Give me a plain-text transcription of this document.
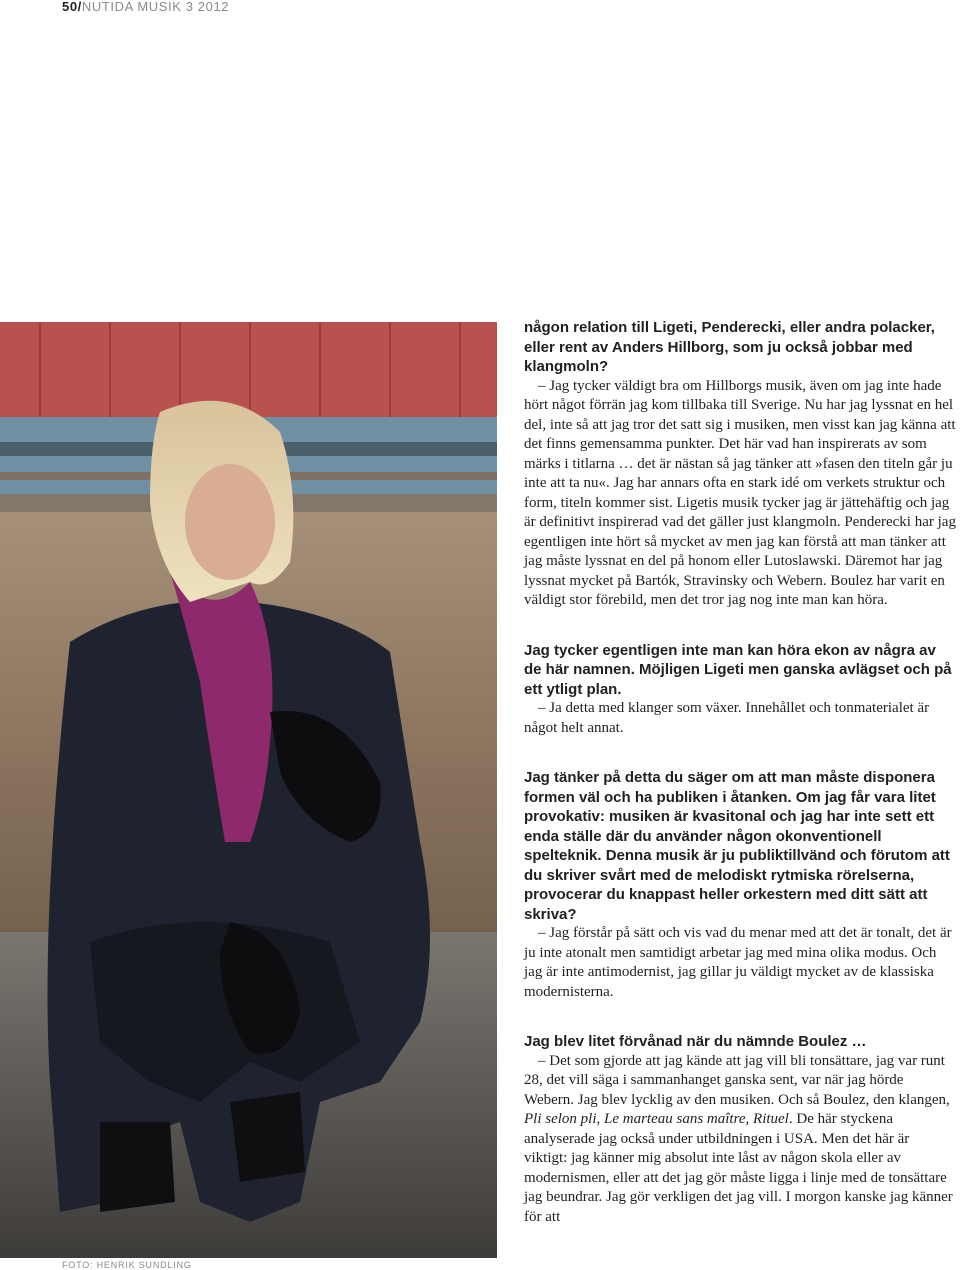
50/NUTIDA MUSIK 3 2012
FOTO: HENRIK SUNDLING

någon relation till Ligeti, Penderecki, eller andra polacker, eller rent av Anders Hillborg, som ju också jobbar med klangmoln?

– Jag tycker väldigt bra om Hillborgs musik, även om jag inte hade hört något förrän jag kom tillbaka till Sverige. Nu har jag lyssnat en hel del, inte så att jag tror det satt sig i musiken, men visst kan jag känna att det finns gemensamma punkter. Det här vad han inspirerats av som märks i titlarna … det är nästan så jag tänker att »fasen den titeln går ju inte att ta nu«. Jag har annars ofta en stark idé om verkets struktur och form, titeln kommer sist. Ligetis musik tycker jag är jättehäftig och jag är definitivt inspirerad vad det gäller just klangmoln. Penderecki har jag egentligen inte hört så mycket av men jag kan förstå att man tänker att jag måste lyssnat en del på honom eller Lutoslawski. Däremot har jag lyssnat mycket på Bartók, Stravinsky och Webern. Boulez har varit en väldigt stor förebild, men det tror jag nog inte man kan höra.

Jag tycker egentligen inte man kan höra ekon av några av de här namnen. Möjligen Ligeti men ganska avlägset och på ett ytligt plan.

– Ja detta med klanger som växer. Innehållet och tonmaterialet är något helt annat.

Jag tänker på detta du säger om att man måste disponera formen väl och ha publiken i åtanken. Om jag får vara litet provokativ: musiken är kvasitonal och jag har inte sett ett enda ställe där du använder någon okonventionell spelteknik. Denna musik är ju publiktillvänd och förutom att du skriver svårt med de melodiskt rytmiska rörelserna, provocerar du knappast heller orkestern med ditt sätt att skriva?

– Jag förstår på sätt och vis vad du menar med att det är tonalt, det är ju inte atonalt men samtidigt arbetar jag med mina olika modus. Och jag är inte antimodernist, jag gillar ju väldigt mycket av de klassiska modernisterna.

Jag blev litet förvånad när du nämnde Boulez …

– Det som gjorde att jag kände att jag vill bli tonsättare, jag var runt 28, det vill säga i sammanhanget ganska sent, var när jag hörde Webern. Jag blev lycklig av den musiken. Och så Boulez, den klangen, Pli selon pli, Le marteau sans maître, Rituel. De här styckena analyserade jag också under utbildningen i USA. Men det här är viktigt: jag känner mig absolut inte låst av någon skola eller av modernismen, eller att det jag gör måste ligga i linje med de tonsättare jag beundrar. Jag gör verkligen det jag vill. I morgon kanske jag känner för att
